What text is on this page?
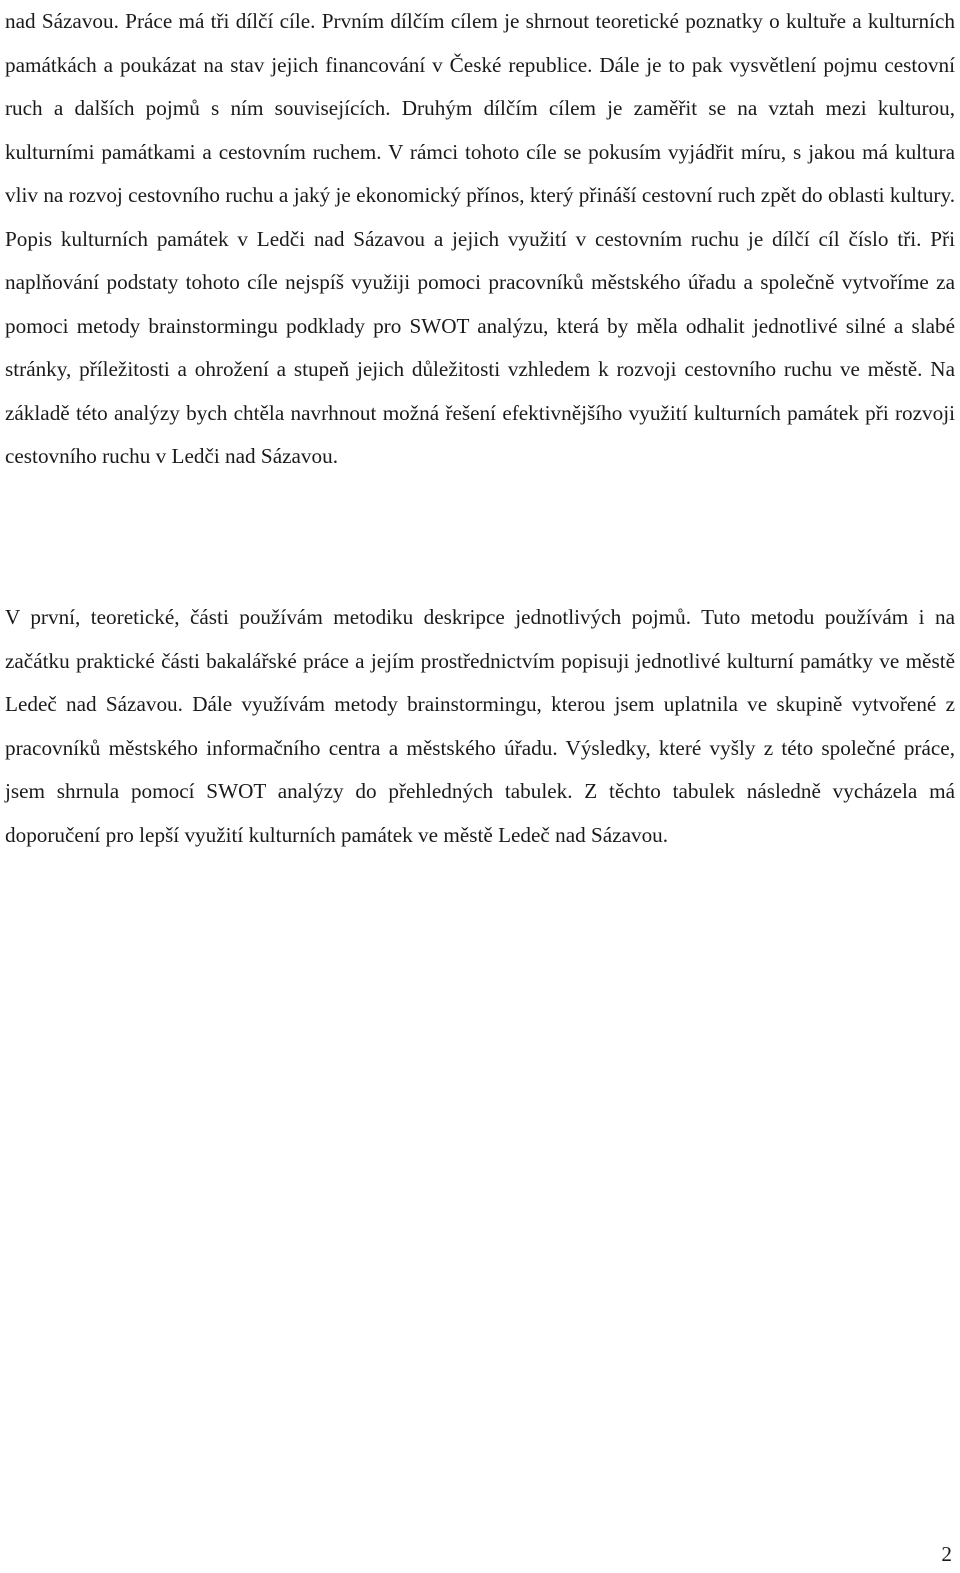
nad Sázavou. Práce má tři dílčí cíle. Prvním dílčím cílem je shrnout teoretické poznatky o kultuře a kulturních památkách a poukázat na stav jejich financování v České republice. Dále je to pak vysvětlení pojmu cestovní ruch a dalších pojmů s ním souvisejících. Druhým dílčím cílem je zaměřit se na vztah mezi kulturou, kulturními památkami a cestovním ruchem. V rámci tohoto cíle se pokusím vyjádřit míru, s jakou má kultura vliv na rozvoj cestovního ruchu a jaký je ekonomický přínos, který přináší cestovní ruch zpět do oblasti kultury. Popis kulturních památek v Ledči nad Sázavou a jejich využití v cestovním ruchu je dílčí cíl číslo tři. Při naplňování podstaty tohoto cíle nejspíš využiji pomoci pracovníků městského úřadu a společně vytvoříme za pomoci metody brainstormingu podklady pro SWOT analýzu, která by měla odhalit jednotlivé silné a slabé stránky, příležitosti a ohrožení a stupeň jejich důležitosti vzhledem k rozvoji cestovního ruchu ve městě. Na základě této analýzy bych chtěla navrhnout možná řešení efektivnějšího využití kulturních památek při rozvoji cestovního ruchu v Ledči nad Sázavou.

V první, teoretické, části používám metodiku deskripce jednotlivých pojmů. Tuto metodu používám i na začátku praktické části bakalářské práce a jejím prostřednictvím popisuji jednotlivé kulturní památky ve městě Ledeč nad Sázavou. Dále využívám metody brainstormingu, kterou jsem uplatnila ve skupině vytvořené z pracovníků městského informačního centra a městského úřadu. Výsledky, které vyšly z této společné práce, jsem shrnula pomocí SWOT analýzy do přehledných tabulek. Z těchto tabulek následně vycházela má doporučení pro lepší využití kulturních památek ve městě Ledeč nad Sázavou.

2
